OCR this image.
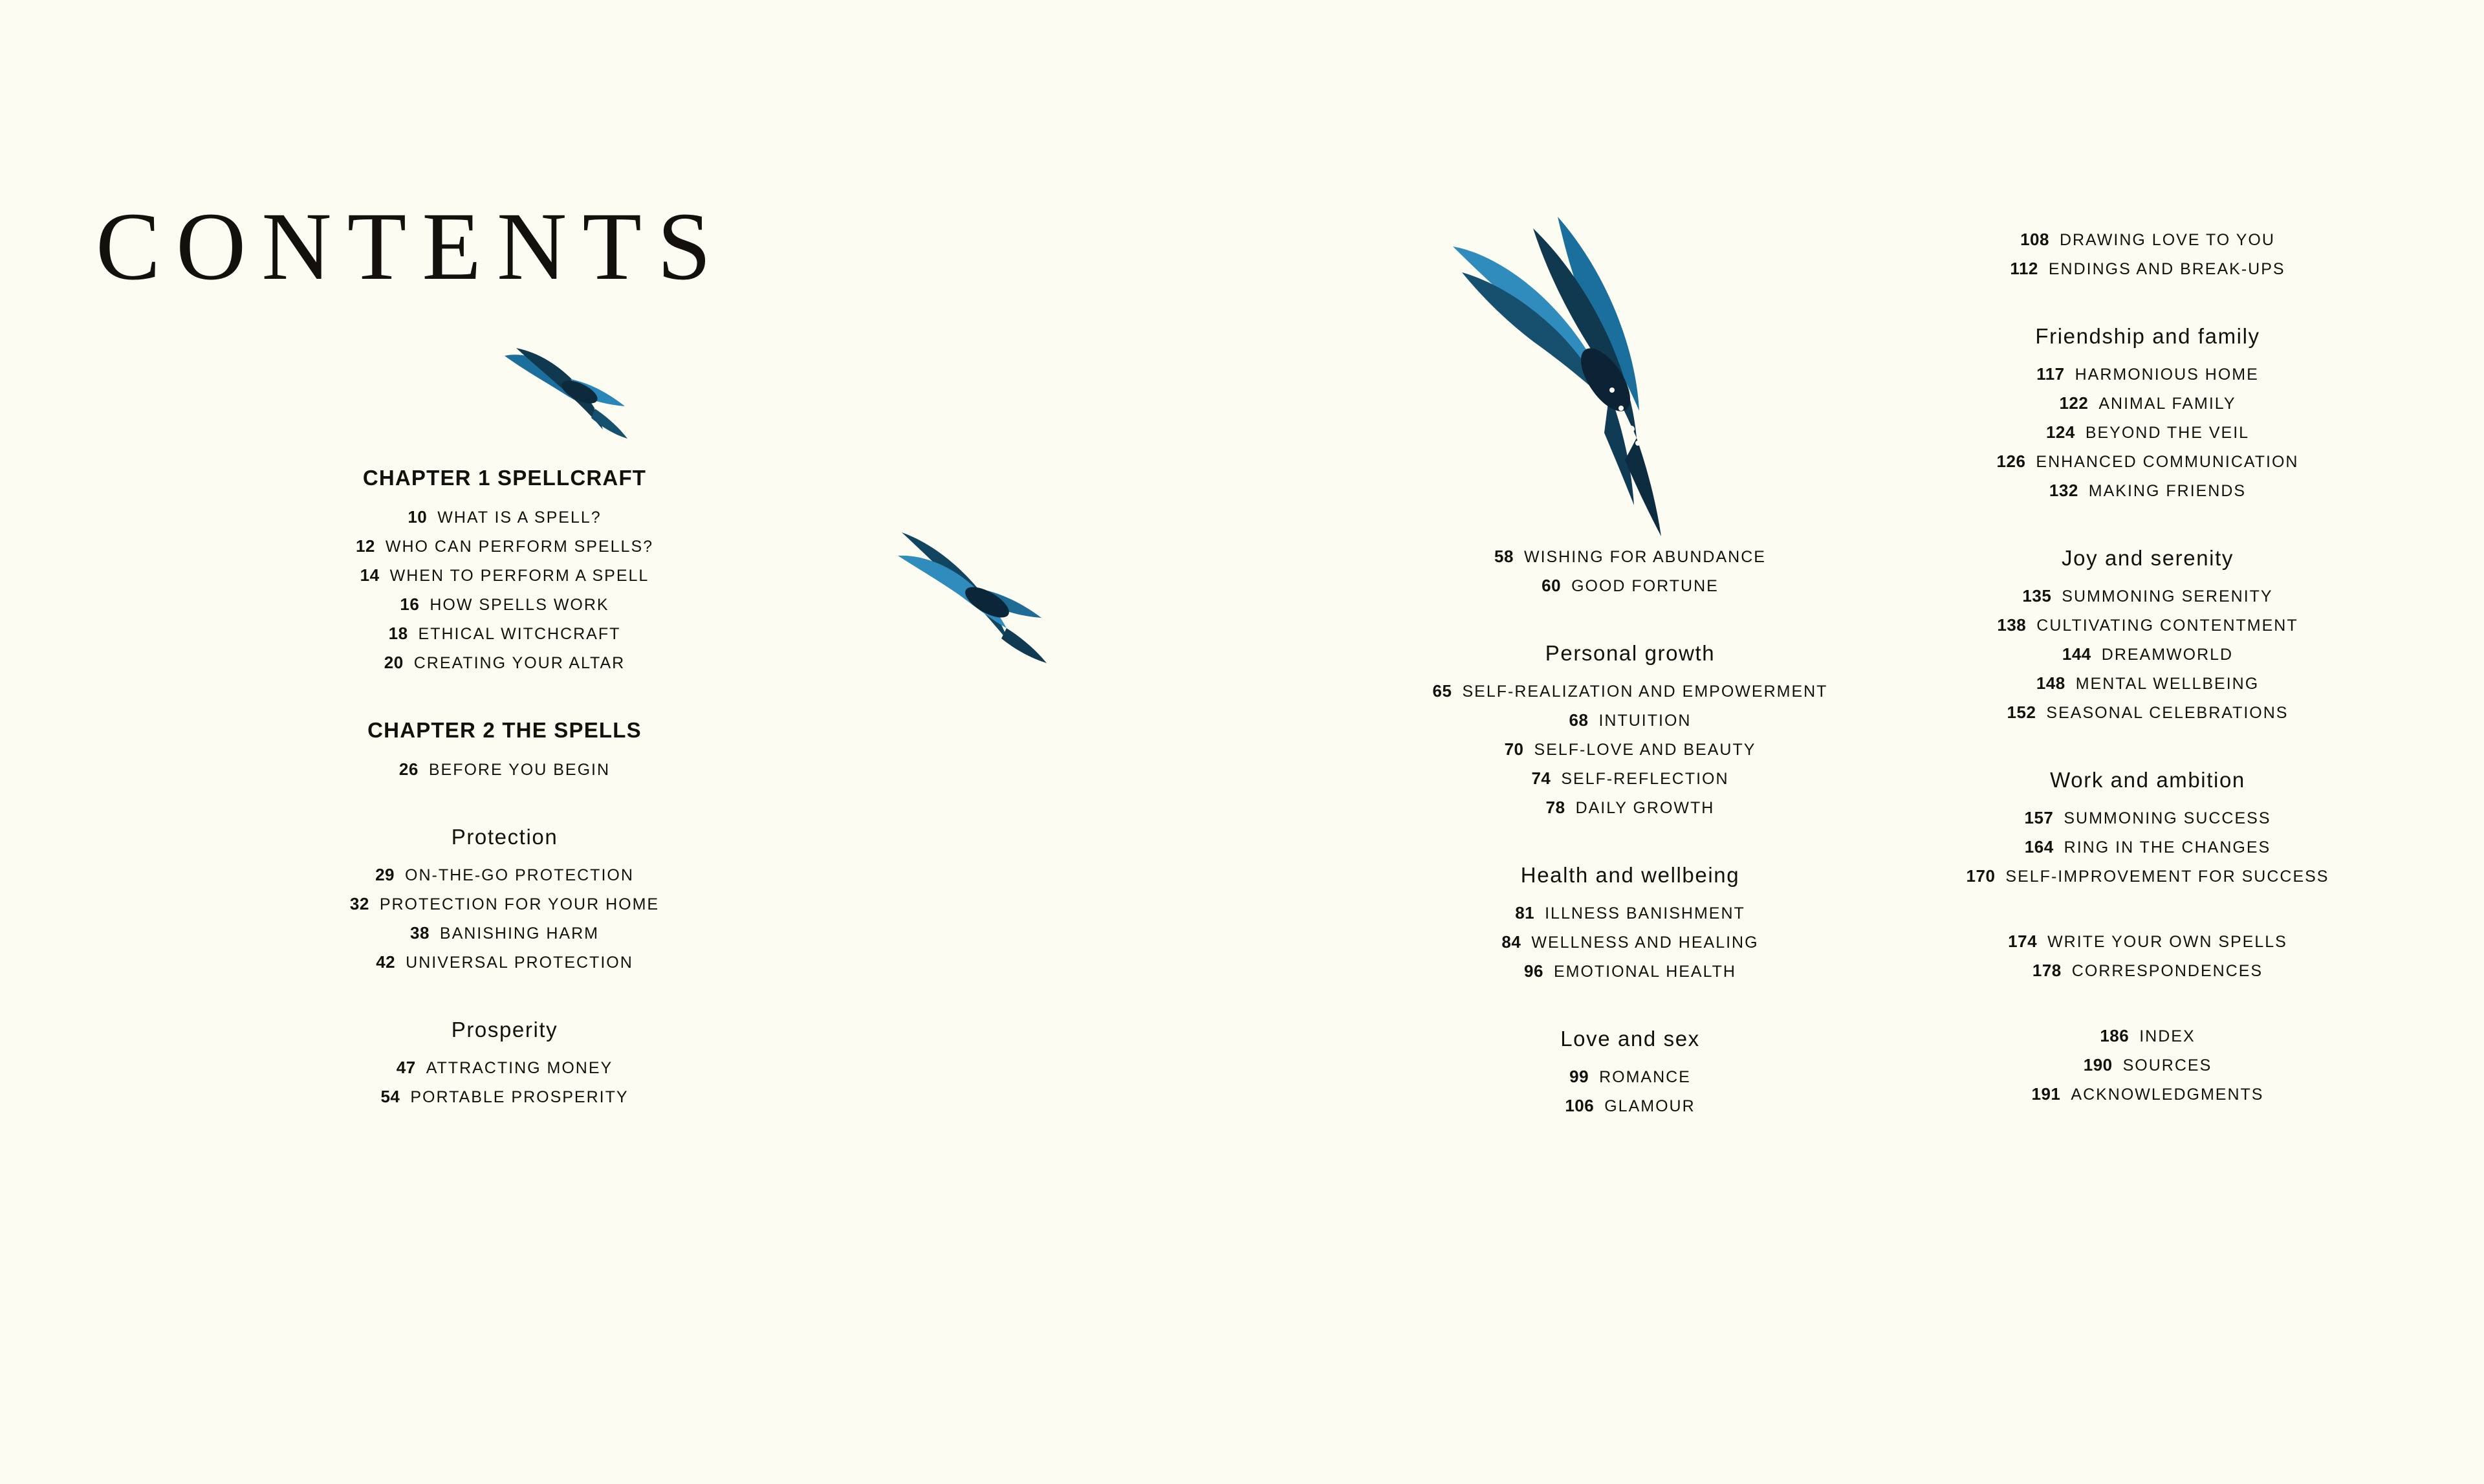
CONTENTS
CHAPTER 1 SPELLCRAFT
10 WHAT IS A SPELL?
12 WHO CAN PERFORM SPELLS?
14 WHEN TO PERFORM A SPELL
16 HOW SPELLS WORK
18 ETHICAL WITCHCRAFT
20 CREATING YOUR ALTAR
CHAPTER 2 THE SPELLS
26 BEFORE YOU BEGIN
Protection
29 ON-THE-GO PROTECTION
32 PROTECTION FOR YOUR HOME
38 BANISHING HARM
42 UNIVERSAL PROTECTION
Prosperity
47 ATTRACTING MONEY
54 PORTABLE PROSPERITY
58 WISHING FOR ABUNDANCE
60 GOOD FORTUNE
Personal growth
65 SELF-REALIZATION AND EMPOWERMENT
68 INTUITION
70 SELF-LOVE AND BEAUTY
74 SELF-REFLECTION
78 DAILY GROWTH
Health and wellbeing
81 ILLNESS BANISHMENT
84 WELLNESS AND HEALING
96 EMOTIONAL HEALTH
Love and sex
99 ROMANCE
106 GLAMOUR
108 DRAWING LOVE TO YOU
112 ENDINGS AND BREAK-UPS
Friendship and family
117 HARMONIOUS HOME
122 ANIMAL FAMILY
124 BEYOND THE VEIL
126 ENHANCED COMMUNICATION
132 MAKING FRIENDS
Joy and serenity
135 SUMMONING SERENITY
138 CULTIVATING CONTENTMENT
144 DREAMWORLD
148 MENTAL WELLBEING
152 SEASONAL CELEBRATIONS
Work and ambition
157 SUMMONING SUCCESS
164 RING IN THE CHANGES
170 SELF-IMPROVEMENT FOR SUCCESS
174 WRITE YOUR OWN SPELLS
178 CORRESPONDENCES
186 INDEX
190 SOURCES
191 ACKNOWLEDGMENTS
